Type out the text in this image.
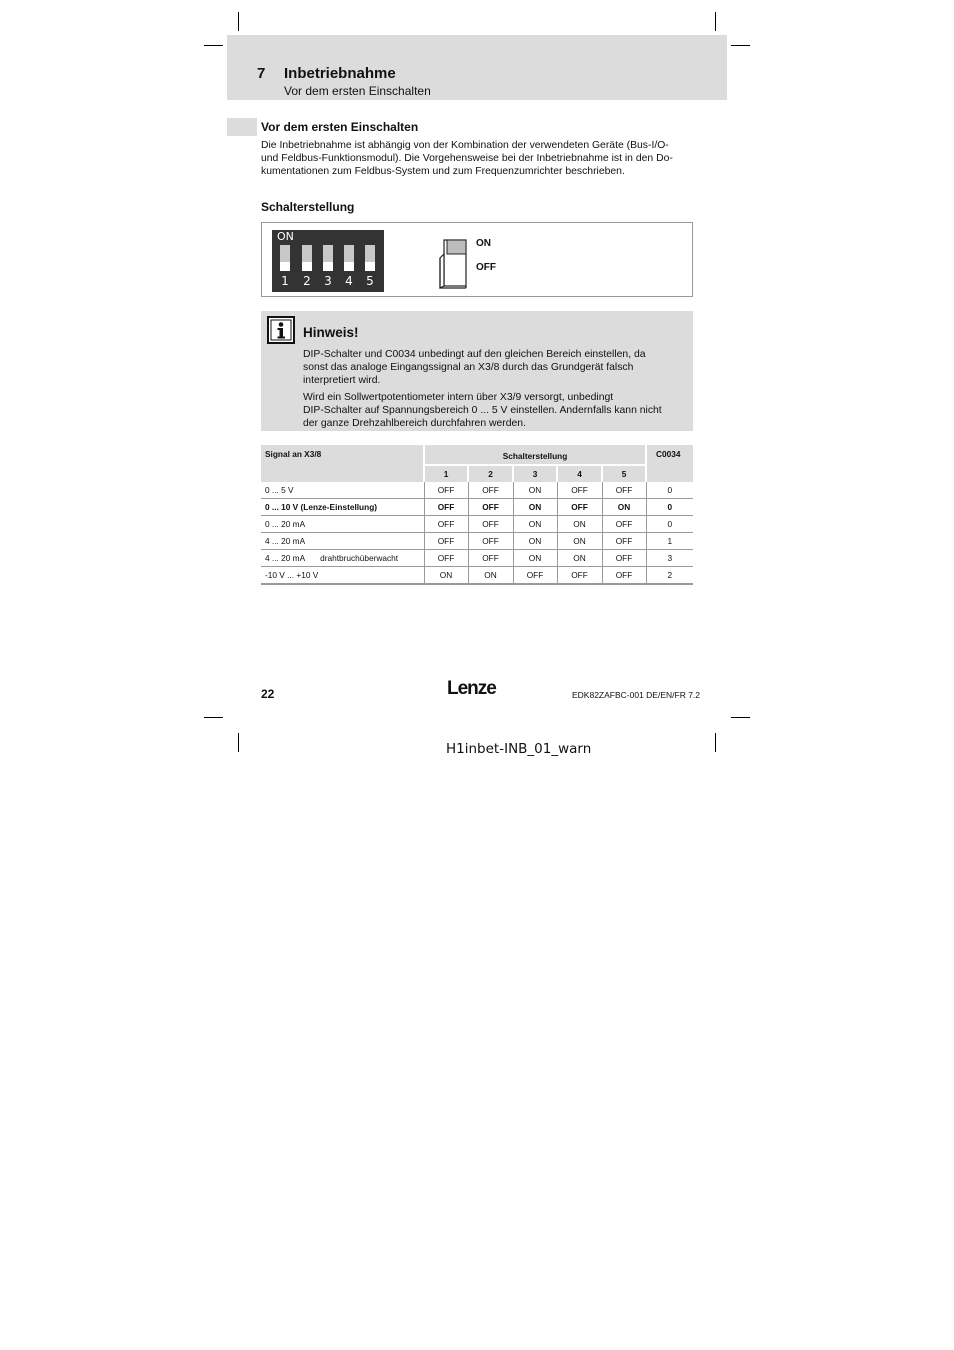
7 Inbetriebnahme
Vor dem ersten Einschalten
Vor dem ersten Einschalten
Die Inbetriebnahme ist abhängig von der Kombination der verwendeten Geräte (Bus-I/O-
und Feldbus-Funktionsmodul). Die Vorgehensweise bei der Inbetriebnahme ist in den Do-
kumentationen zum Feldbus-System und zum Frequenzumrichter beschrieben.
Schalterstellung
ON
1 2 3 4 5
ON
OFF
Hinweis!
DIP-Schalter und C0034 unbedingt auf den gleichen Bereich einstellen, da
sonst das analoge Eingangssignal an X3/8 durch das Grundgerät falsch
interpretiert wird.
Wird ein Sollwertpotentiometer intern über X3/9 versorgt, unbedingt
DIP-Schalter auf Spannungsbereich 0 ... 5 V einstellen. Andernfalls kann nicht
der ganze Drehzahlbereich durchfahren werden.
Signal an X3/8	Schalterstellung					C0034
	1	2	3	4	5	
0 ... 5 V	OFF	OFF	ON	OFF	OFF	0
0 ... 10 V (Lenze-Einstellung)	OFF	OFF	ON	OFF	ON	0
0 ... 20 mA	OFF	OFF	ON	ON	OFF	0
4 ... 20 mA	OFF	OFF	ON	ON	OFF	1
4 ... 20 mA drahtbruchüberwacht	OFF	OFF	ON	ON	OFF	3
-10 V ... +10 V	ON	ON	OFF	OFF	OFF	2
22	Lenze	EDK82ZAFBC-001 DE/EN/FR 7.2
H1inbet-INB_01_warn
